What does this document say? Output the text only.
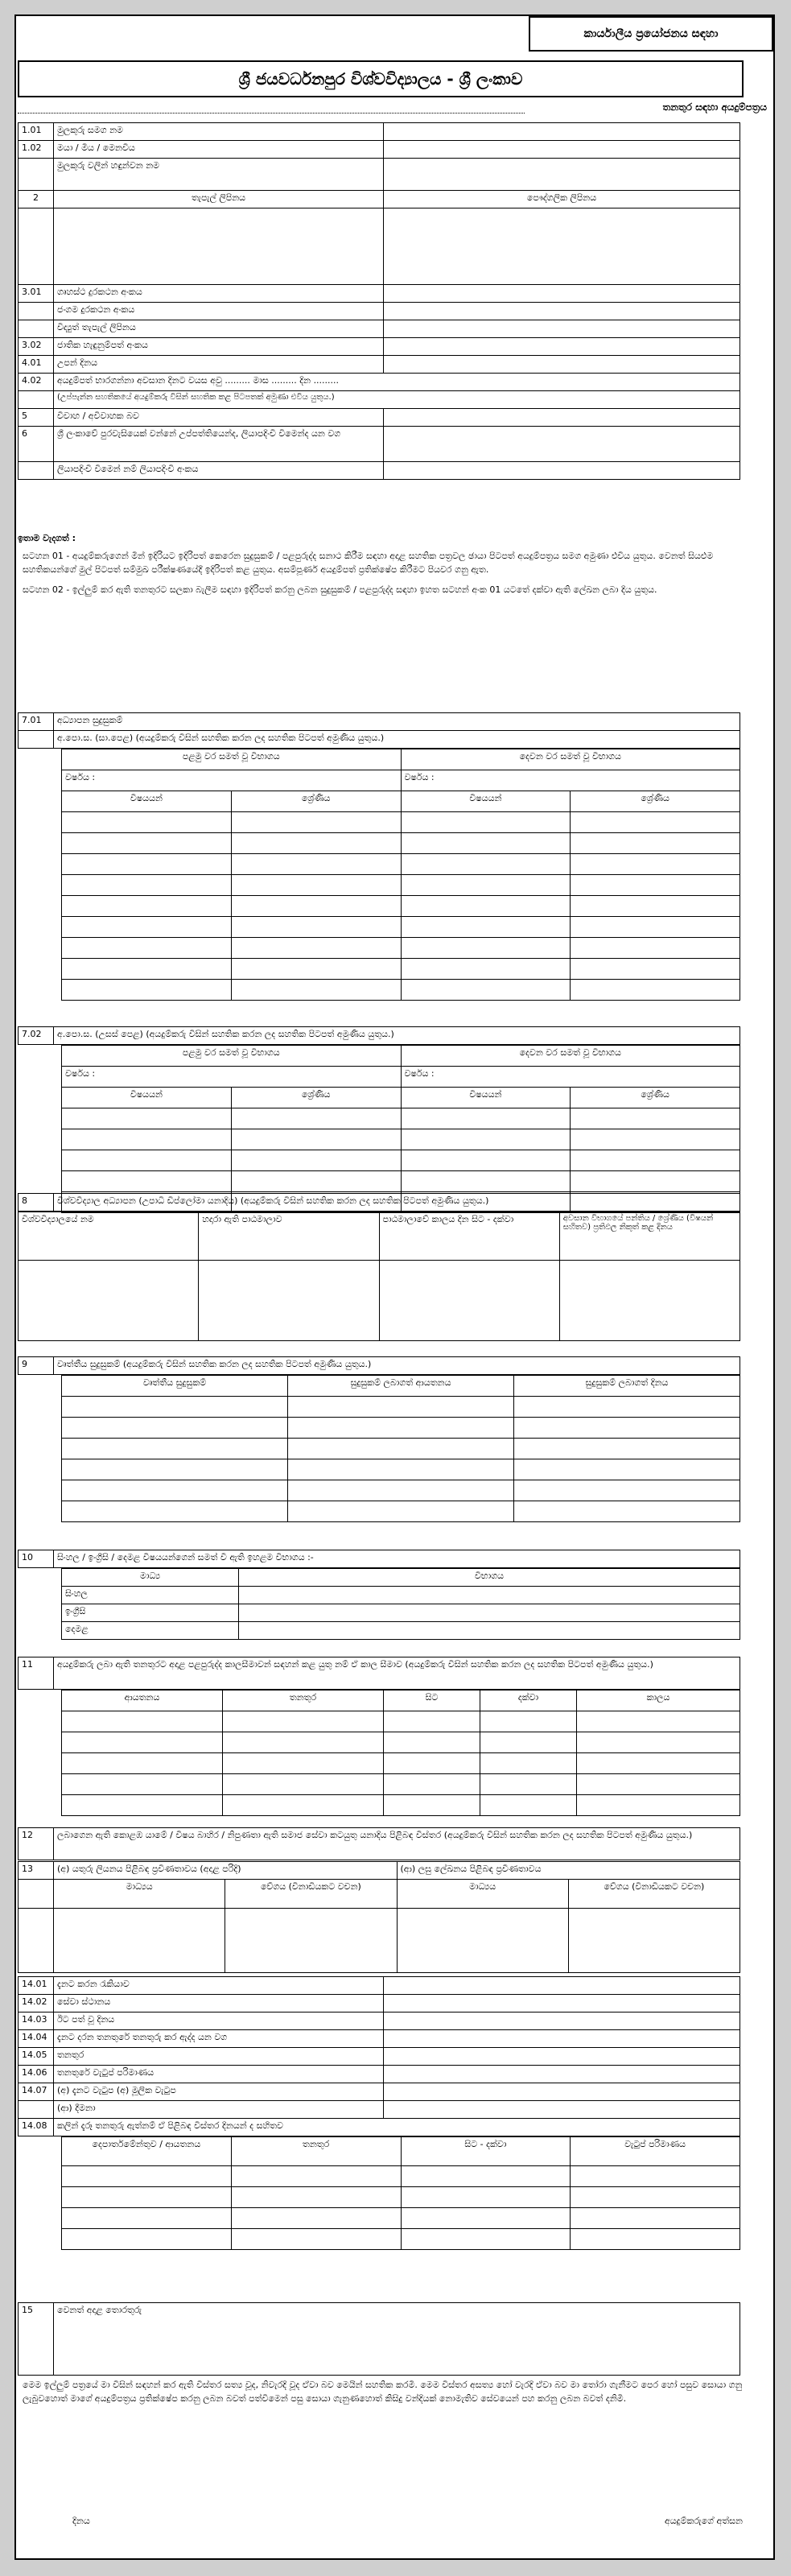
කාර්යාලීය ප්‍රයෝජනය සඳහා
ශ්‍රී ජයවර්ධනපුර විශ්වවිද්‍යාලය - ශ්‍රී ලංකාව
තනතුර සඳහා අයදුම්පත්‍රය
1.01	මුලකුරු සමග නම	
1.02	මයා / මිය / මෙනවිය	
	මුලකුරු වලින් හඳුන්වන නම	
2	තැපැල් ලිපිනය	පෞද්ගලික ලිපිනය

3.01	ගෘහස්ථ දුරකථන අංකය	
	ජංගම දුරකථන අංකය	
	විද්‍යුත් තැපැල් ලිපිනය	
3.02	ජාතික හැඳුනුම්පත් අංකය	
4.01	උපන් දිනය	
4.02	අයදුම්පත් භාරගන්නා අවසාන දිනට වයස අවු ......... මාස ......... දින .........	
	(උප්පැන්න සහතිකයේ අයදුම්කරු විසින් සහතික කළ පිටපතක් අමුණා එවිය යුතුය.)	
5	විවාහ / අවිවාහක බව	
6	ශ්‍රී ලංකාවේ පුරවැසියෙක් වන්නේ උප්පත්තියෙන්ද, ලියාපදිංචි වීමෙන්ද යන වග	
	ලියාපදිංචි වීමෙන් නම් ලියාපදිංචි අංකය	
ඉතාම වැදගත් :
සටහන 01 - අයදුම්කරුගෙන් මින් ඉදිරියට ඉදිරිපත් කෙරෙන සුදුසුකම් / පළපුරුද්ද සනාථ කිරීම සඳහා අදාළ සහතික පත්‍රවල ඡායා පිටපත් අයදුම්පත්‍රය සමග අමුණා එවිය යුතුය. වෙනත් සියළුම සහතිකයන්ගේ මුල් පිටපත් සම්මුඛ පරීක්ෂණයේදී ඉදිරිපත් කළ යුතුය. අසම්පූර්ණ අයදුම්පත් ප්‍රතික්ෂේප කිරීමට පියවර ගනු ඇත.
සටහන 02 - ඉල්ලුම් කර ඇති තනතුරට සලකා බැලීම සඳහා ඉදිරිපත් කරනු ලබන සුදුසුකම් / පළපුරුද්ද සඳහා ඉහත සටහන් අංක 01 යටතේ දක්වා ඇති ලේඛන ලබා දිය යුතුය.
7.01	අධ්‍යාපන සුදුසුකම්
	අ.පො.ස. (සා.පෙළ) (අයදුම්කරු විසින් සහතික කරන ලද සහතික පිටපත් අමුණිය යුතුය.)
පළමු වර සමත් වූ විභාගය		දෙවන වර සමත් වූ විභාගය	
වර්ෂය :		වර්ෂය :	
විෂයයන්	ශ්‍රේණිය	විෂයයන්	ශ්‍රේණිය

7.02	අ.පො.ස. (උසස් පෙළ) (අයදුම්කරු විසින් සහතික කරන ලද සහතික පිටපත් අමුණිය යුතුය.)
පළමු වර සමත් වූ විභාගය		දෙවන වර සමත් වූ විභාගය	
වර්ෂය :		වර්ෂය :	
විෂයයන්	ශ්‍රේණිය	විෂයයන්	ශ්‍රේණිය

8	විශ්වවිද්‍යාල අධ්‍යාපන (උපාධි ඩිප්ලෝමා යනාදිය) (අයදුම්කරු විසින් සහතික කරන ලද සහතික පිටපත් අමුණිය යුතුය.)
විශ්වවිද්‍යාලයේ නම	හදාරා ඇති පාඨමාලාව	පාඨමාලාවේ කාලය දින සිට - දක්වා	අවසාන විභාගයේ පන්තිය / ශ්‍රේණිය (විෂයන් සහිතව) ප්‍රතිඵල නිකුත් කළ දිනය

9	වෘත්තීය සුදුසුකම් (අයදුම්කරු විසින් සහතික කරන ලද සහතික පිටපත් අමුණිය යුතුය.)
වෘත්තීය සුදුසුකම්	සුදුසුකම් ලබාගත් ආයතනය	සුදුසුකම් ලබාගත් දිනය

10	සිංහල / ඉංග්‍රීසි / දෙමළ විෂයයන්ගෙන් සමත් වී ඇති ඉහළම විභාගය :-
මාධ්‍ය	විභාගය
සිංහල	
ඉංග්‍රීසි	
දෙමළ	
11	අයදුම්කරු ලබා ඇති තනතුරට අදාළ පළපුරුද්ද කාලසීමාවන් සඳහන් කළ යුතු නම් ඒ කාල සීමාව (අයදුම්කරු විසින් සහතික කරන ලද සහතික පිටපත් අමුණිය යුතුය.)
ආයතනය	තනතුර	සිට	දක්වා	කාලය

12	ලබාගෙන ඇති කොළඹ යාමේ / විෂය බාහිර / නිපුණතා ඇති සමාජ සේවා කටයුතු යනාදිය පිළිබඳ විස්තර (අයදුම්කරු විසින් සහතික කරන ලද සහතික පිටපත් අමුණිය යුතුය.)
13	(අ) යතුරු ලියනය පිළිබඳ ප්‍රවීණතාවය (අදාළ පරිදි)		(ආ) ලඝු ලේඛනය පිළිබඳ ප්‍රවීණතාවය	
	මාධ්‍යය	වේගය (විනාඩියකට වචන)	මාධ්‍යය	වේගය (විනාඩියකට වචන)

14.01	දැනට කරන රැකියාව	
14.02	සේවා ස්ථානය	
14.03	ඊට පත් වූ දිනය	
14.04	දැනට දරන තනතුරේ තනතුරු කර ඇද්ද යන වග	
14.05	තනතුර	
14.06	තනතුරේ වැටුප් පරිමාණය	
14.07	(අ) දැනට වැටුප (අ) මූලික වැටුප	
	(ආ) දීමනා	
14.08	කලින් දැරූ තනතුරු ඇත්නම් ඒ පිළිබඳ විස්තර දිනයන් ද සහිතව	
දෙපාර්තමේන්තුව / ආයතනය	තනතුර	සිට - දක්වා	වැටුප් පරිමාණය

15	වෙනත් අදාළ තොරතුරු
මෙම ඉල්ලුම් පත්‍රයේ මා විසින් සඳහන් කර ඇති විස්තර සත්‍ය වූද, නිවැරදි වූද ඒවා බව මෙයින් සහතික කරමි. මෙම විස්තර අසත්‍ය හෝ වැරදි ඒවා බව මා තෝරා ගැනීමට පෙර හෝ පසුව සොයා ගනු ලැබුවහොත් මාගේ අයදුම්පත්‍රය ප්‍රතික්ෂේප කරනු ලබන බවත් පත්වීමෙන් පසු සොයා ගැනුණහොත් කිසිදු වන්දියක් නොමැතිව සේවයෙන් පහ කරනු ලබන බවත් දනිමි.
දිනය	අයදුම්කරුගේ අත්සන
